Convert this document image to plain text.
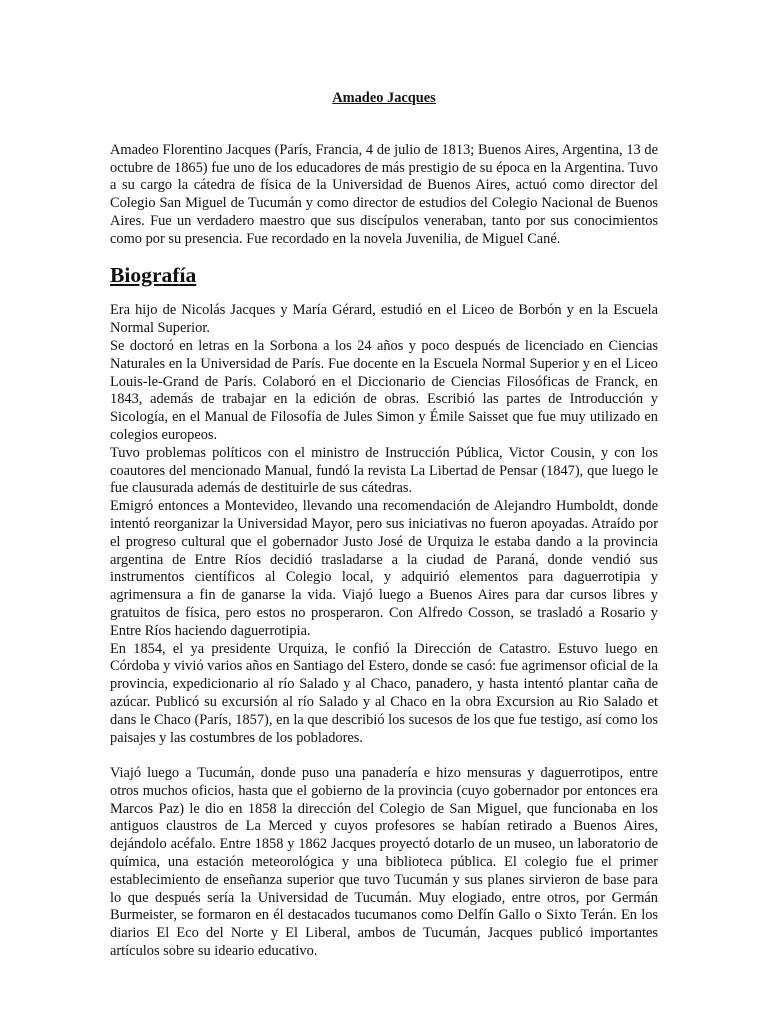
Amadeo Jacques

Amadeo Florentino Jacques (París, Francia, 4 de julio de 1813; Buenos Aires, Argentina, 13 de octubre de 1865) fue uno de los educadores de más prestigio de su época en la Argentina. Tuvo a su cargo la cátedra de física de la Universidad de Buenos Aires, actuó como director del Colegio San Miguel de Tucumán y como director de estudios del Colegio Nacional de Buenos Aires. Fue un verdadero maestro que sus discípulos veneraban, tanto por sus conocimientos como por su presencia. Fue recordado en la novela Juvenilia, de Miguel Cané.

Biografía

Era hijo de Nicolás Jacques y María Gérard, estudió en el Liceo de Borbón y en la Escuela Normal Superior.

Se doctoró en letras en la Sorbona a los 24 años y poco después de licenciado en Ciencias Naturales en la Universidad de París. Fue docente en la Escuela Normal Superior y en el Liceo Louis-le-Grand de París. Colaboró en el Diccionario de Ciencias Filosóficas de Franck, en 1843, además de trabajar en la edición de obras. Escribió las partes de Introducción y Sicología, en el Manual de Filosofía de Jules Simon y Émile Saisset que fue muy utilizado en colegios europeos.

Tuvo problemas políticos con el ministro de Instrucción Pública, Victor Cousin, y con los coautores del mencionado Manual, fundó la revista La Libertad de Pensar (1847), que luego le fue clausurada además de destituirle de sus cátedras.

Emigró entonces a Montevideo, llevando una recomendación de Alejandro Humboldt, donde intentó reorganizar la Universidad Mayor, pero sus iniciativas no fueron apoyadas. Atraído por el progreso cultural que el gobernador Justo José de Urquiza le estaba dando a la provincia argentina de Entre Ríos decidió trasladarse a la ciudad de Paraná, donde vendió sus instrumentos científicos al Colegio local, y adquirió elementos para daguerrotipia y agrimensura a fin de ganarse la vida. Viajó luego a Buenos Aires para dar cursos libres y gratuitos de física, pero estos no prosperaron. Con Alfredo Cosson, se trasladó a Rosario y Entre Ríos haciendo daguerrotipia.

En 1854, el ya presidente Urquiza, le confió la Dirección de Catastro. Estuvo luego en Córdoba y vivió varios años en Santiago del Estero, donde se casó: fue agrimensor oficial de la provincia, expedicionario al río Salado y al Chaco, panadero, y hasta intentó plantar caña de azúcar. Publicó su excursión al río Salado y al Chaco en la obra Excursion au Rio Salado et dans le Chaco (París, 1857), en la que describió los sucesos de los que fue testigo, así como los paisajes y las costumbres de los pobladores.

Viajó luego a Tucumán, donde puso una panadería e hizo mensuras y daguerrotipos, entre otros muchos oficios, hasta que el gobierno de la provincia (cuyo gobernador por entonces era Marcos Paz) le dio en 1858 la dirección del Colegio de San Miguel, que funcionaba en los antiguos claustros de La Merced y cuyos profesores se habían retirado a Buenos Aires, dejándolo acéfalo. Entre 1858 y 1862 Jacques proyectó dotarlo de un museo, un laboratorio de química, una estación meteorológica y una biblioteca pública. El colegio fue el primer establecimiento de enseñanza superior que tuvo Tucumán y sus planes sirvieron de base para lo que después sería la Universidad de Tucumán. Muy elogiado, entre otros, por Germán Burmeister, se formaron en él destacados tucumanos como Delfín Gallo o Sixto Terán. En los diarios El Eco del Norte y El Liberal, ambos de Tucumán, Jacques publicó importantes artículos sobre su ideario educativo.
